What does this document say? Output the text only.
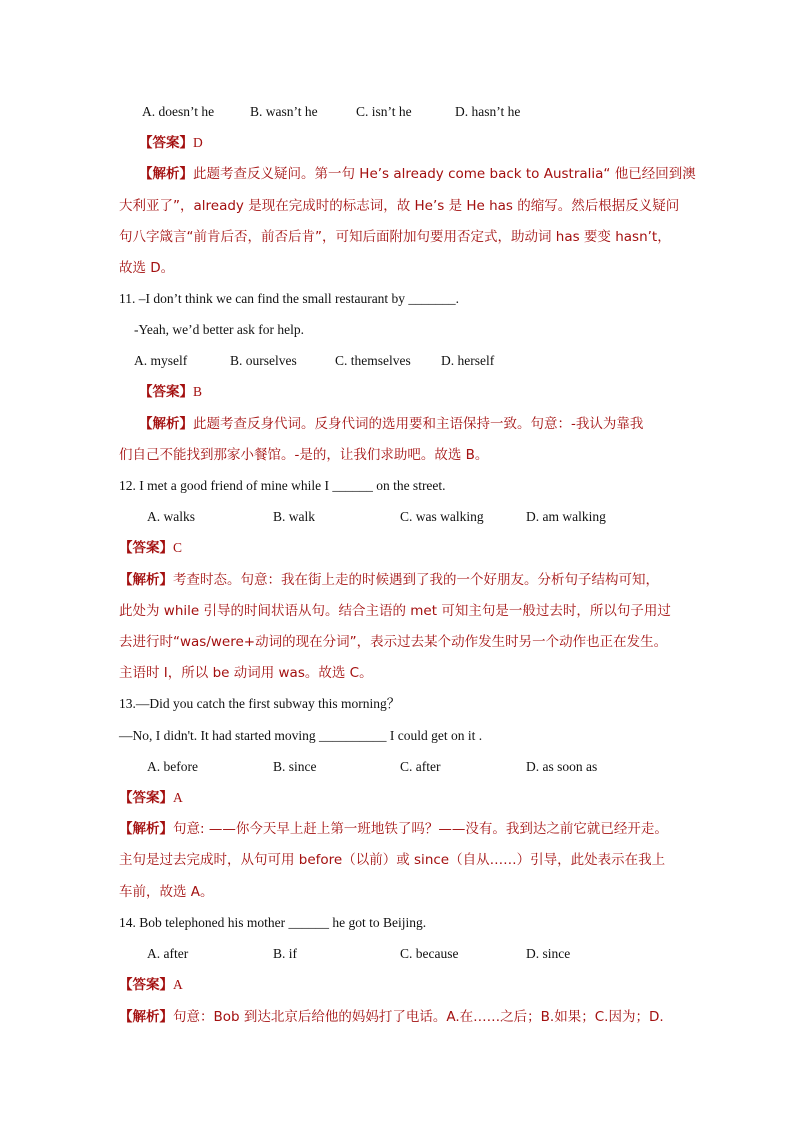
A. doesn’t he	B. wasn’t he	C. isn’t he	D. hasn’t he
【答案】D
【解析】此题考查反义疑问。第一句 He’s already come back to Australia“ 他已经回到澳
大利亚了”，already 是现在完成时的标志词，故 He’s 是 He has 的缩写。然后根据反义疑问
句八字箴言“前肯后否，前否后肯”，可知后面附加句要用否定式，助动词 has 要变 hasn’t，
故选 D。
11. –I don’t think we can find the small restaurant by _______.
-Yeah, we’d better ask for help.
A. myself	B. ourselves	C. themselves D. herself
【答案】B
【解析】此题考查反身代词。反身代词的选用要和主语保持一致。句意：-我认为靠我
们自己不能找到那家小餐馆。-是的，让我们求助吧。故选 B。
12. I met a good friend of mine while I ______ on the street.
A. walks	B. walk	C. was walking	D. am walking
【答案】C
【解析】考查时态。句意：我在街上走的时候遇到了我的一个好朋友。分析句子结构可知，
此处为 while 引导的时间状语从句。结合主语的 met 可知主句是一般过去时，所以句子用过
去进行时“was/were+动词的现在分词”，表示过去某个动作发生时另一个动作也正在发生。
主语时 I，所以 be 动词用 was。故选 C。
13.—Did you catch the first subway this morning？
—No, I didn't. It had started moving __________ I could get on it .
A. before	B. since	C. after	D. as soon as
【答案】A
【解析】句意: ——你今天早上赶上第一班地铁了吗？——没有。我到达之前它就已经开走。
主句是过去完成时，从句可用 before（以前）或 since（自从……）引导，此处表示在我上
车前，故选 A。
14. Bob telephoned his mother ______ he got to Beijing.
A. after	B. if	C. because	D. since
【答案】A
【解析】句意：Bob 到达北京后给他的妈妈打了电话。A.在……之后；B.如果；C.因为；D.
